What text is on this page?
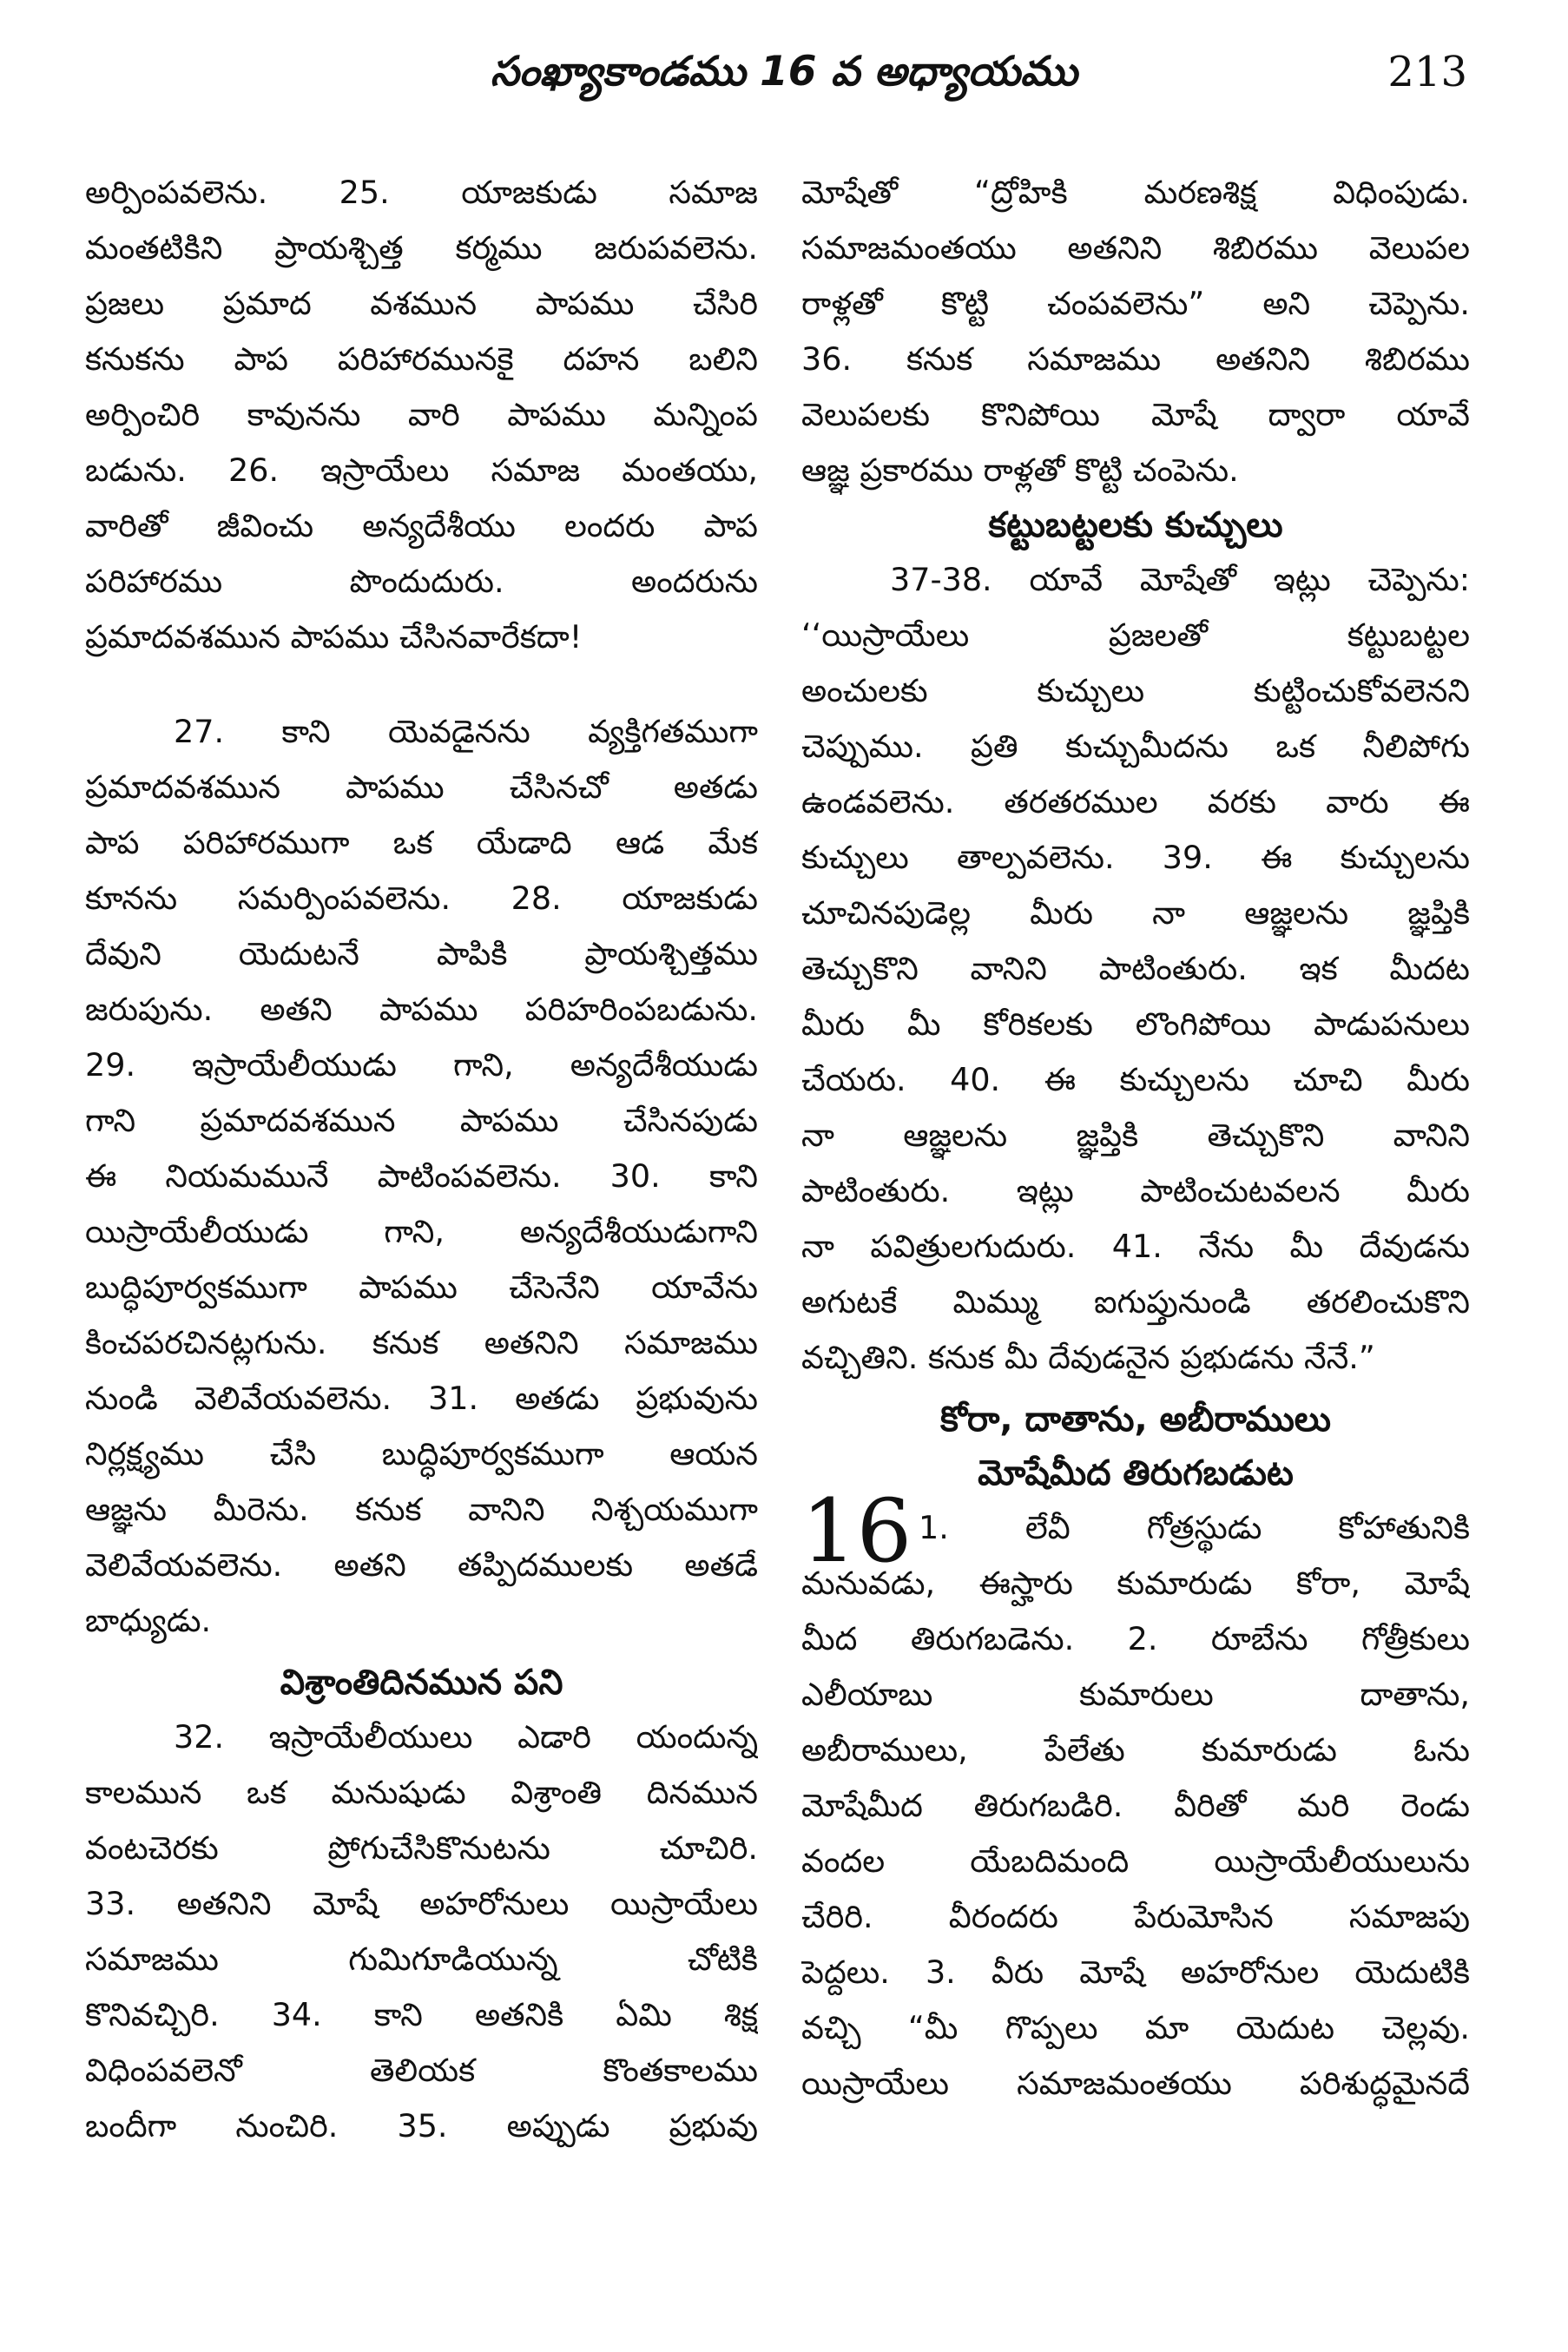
సంఖ్యాకాండము 16 వ అధ్యాయము	213
అర్పింపవలెను. 25. యాజకుడు సమాజ
మంతటికిని ప్రాయశ్చిత్త కర్మము జరుపవలెను.
ప్రజలు ప్రమాద వశమున పాపము చేసిరి
కనుకను పాప పరిహారమునకై దహన బలిని
అర్పించిరి కావునను వారి పాపము మన్నింప
బడును. 26. ఇస్రాయేలు సమాజ మంతయు,
వారితో జీవించు అన్యదేశీయు లందరు పాప
పరిహారము పొందుదురు. అందరును
ప్రమాదవశమున పాపము చేసినవారేకదా!
27. కాని యెవడైనను వ్యక్తిగతముగా
ప్రమాదవశమున పాపము చేసినచో అతడు
పాప పరిహారముగా ఒక యేడాది ఆడ మేక
కూనను సమర్పింపవలెను. 28. యాజకుడు
దేవుని యెదుటనే పాపికి ప్రాయశ్చిత్తము
జరుపును. అతని పాపము పరిహరింపబడును.
29. ఇస్రాయేలీయుడు గాని, అన్యదేశీయుడు
గాని ప్రమాదవశమున పాపము చేసినపుడు
ఈ నియమమునే పాటింపవలెను. 30. కాని
యిస్రాయేలీయుడు గాని, అన్యదేశీయుడుగాని
బుద్ధిపూర్వకముగా పాపము చేసెనేని యావేను
కించపరచినట్లగును. కనుక అతనిని సమాజము
నుండి వెలివేయవలెను. 31. అతడు ప్రభువును
నిర్లక్ష్యము చేసి బుద్ధిపూర్వకముగా ఆయన
ఆజ్ఞను మీరెను. కనుక వానిని నిశ్చయముగా
వెలివేయవలెను. అతని తప్పిదములకు అతడే
బాధ్యుడు.
విశ్రాంతిదినమున పని
32. ఇస్రాయేలీయులు ఎడారి యందున్న
కాలమున ఒక మనుషుడు విశ్రాంతి దినమున
వంటచెరకు ప్రోగుచేసికొనుటను చూచిరి.
33. అతనిని మోషే అహరోనులు యిస్రాయేలు
సమాజము గుమిగూడియున్న చోటికి
కొనివచ్చిరి. 34. కాని అతనికి ఏమి శిక్ష
విధింపవలెనో తెలియక కొంతకాలము
బందీగా నుంచిరి. 35. అప్పుడు ప్రభువు
మోషేతో “ద్రోహికి మరణశిక్ష విధింపుడు.
సమాజమంతయు అతనిని శిబిరము వెలుపల
రాళ్లతో కొట్టి చంపవలెను” అని చెప్పెను.
36. కనుక సమాజము అతనిని శిబిరము
వెలుపలకు కొనిపోయి మోషే ద్వారా యావే
ఆజ్ఞ ప్రకారము రాళ్లతో కొట్టి చంపెను.
కట్టుబట్టలకు కుచ్చులు
37-38. యావే మోషేతో ఇట్లు చెప్పెను:
‘‘యిస్రాయేలు ప్రజలతో కట్టుబట్టల
అంచులకు కుచ్చులు కుట్టించుకోవలెనని
చెప్పుము. ప్రతి కుచ్చుమీదను ఒక నీలిపోగు
ఉండవలెను. తరతరముల వరకు వారు ఈ
కుచ్చులు తాల్పవలెను. 39. ఈ కుచ్చులను
చూచినపుడెల్ల మీరు నా ఆజ్ఞలను జ్ఞప్తికి
తెచ్చుకొని వానిని పాటింతురు. ఇక మీదట
మీరు మీ కోరికలకు లొంగిపోయి పాడుపనులు
చేయరు. 40. ఈ కుచ్చులను చూచి మీరు
నా ఆజ్ఞలను జ్ఞప్తికి తెచ్చుకొని వానిని
పాటింతురు. ఇట్లు పాటించుటవలన మీరు
నా పవిత్రులగుదురు. 41. నేను మీ దేవుడను
అగుటకే మిమ్ము ఐగుప్తునుండి తరలించుకొని
వచ్చితిని. కనుక మీ దేవుడనైన ప్రభుడను నేనే.”
కోరా, దాతాను, అబీరాములు
మోషేమీద తిరుగబడుట
16 1. లేవీ గోత్రస్థుడు కోహాతునికి
మనువడు, ఈస్హారు కుమారుడు కోరా, మోషే
మీద తిరుగబడెను. 2. రూబేను గోత్రీకులు
ఎలీయాబు కుమారులు దాతాను,
అబీరాములు, పేలేతు కుమారుడు ఓను
మోషేమీద తిరుగబడిరి. వీరితో మరి రెండు
వందల యేబదిమంది యిస్రాయేలీయులును
చేరిరి. వీరందరు పేరుమోసిన సమాజపు
పెద్దలు. 3. వీరు మోషే అహరోనుల యెదుటికి
వచ్చి “మీ గొప్పలు మా యెదుట చెల్లవు.
యిస్రాయేలు సమాజమంతయు పరిశుద్ధమైనదే
